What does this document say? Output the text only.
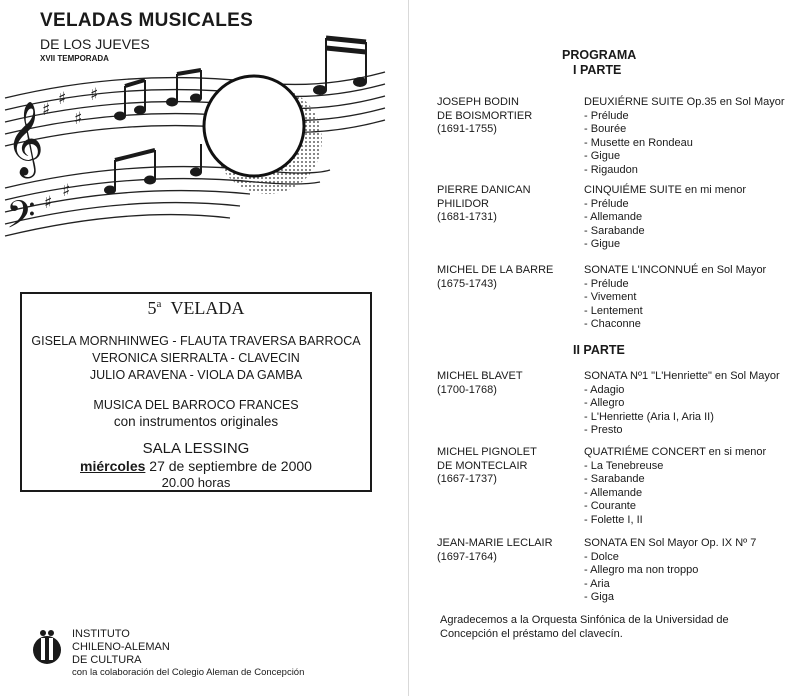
VELADAS MUSICALES
DE LOS JUEVES
XVII TEMPORADA
𝄞
𝄢
♯
♯
♯
♯
♯
♯
5$^a$ VELADA
GISELA MORNHINWEG - FLAUTA TRAVERSA BARROCA
VERONICA SIERRALTA - CLAVECIN
JULIO ARAVENA - VIOLA DA GAMBA
MUSICA DEL BARROCO FRANCES
con instrumentos originales
SALA LESSING
miércoles 27 de septiembre de 2000
20.00 horas
INSTITUTO
CHILENO-ALEMAN
DE CULTURA
con la colaboración del Colegio Aleman de Concepción
PROGRAMA
I PARTE
II PARTE
JOSEPH BODIN
DE BOISMORTIER
(1691-1755)
DEUXIÉRNE SUITE Op.35 en Sol Mayor
- Prélude
- Bourée
- Musette en Rondeau
- Gigue
- Rigaudon
PIERRE DANICAN
PHILIDOR
(1681-1731)
CINQUIÉME SUITE en mi menor
- Prélude
- Allemande
- Sarabande
- Gigue
MICHEL DE LA BARRE
(1675-1743)
SONATE L'INCONNUÉ en Sol Mayor
- Prélude
- Vivement
- Lentement
- Chaconne
MICHEL BLAVET
(1700-1768)
SONATA Nº1 "L'Henriette" en Sol Mayor
- Adagio
- Allegro
- L'Henriette (Aria I, Aria II)
- Presto
MICHEL PIGNOLET
DE MONTECLAIR
(1667-1737)
QUATRIÉME CONCERT en si menor
- La Tenebreuse
- Sarabande
- Allemande
- Courante
- Folette I, II
JEAN-MARIE LECLAIR
(1697-1764)
SONATA EN Sol Mayor Op. IX Nº 7
- Dolce
- Allegro ma non troppo
- Aria
- Giga
Agradecemos a la Orquesta Sinfónica de la Universidad de Concepción el préstamo del clavecín.
